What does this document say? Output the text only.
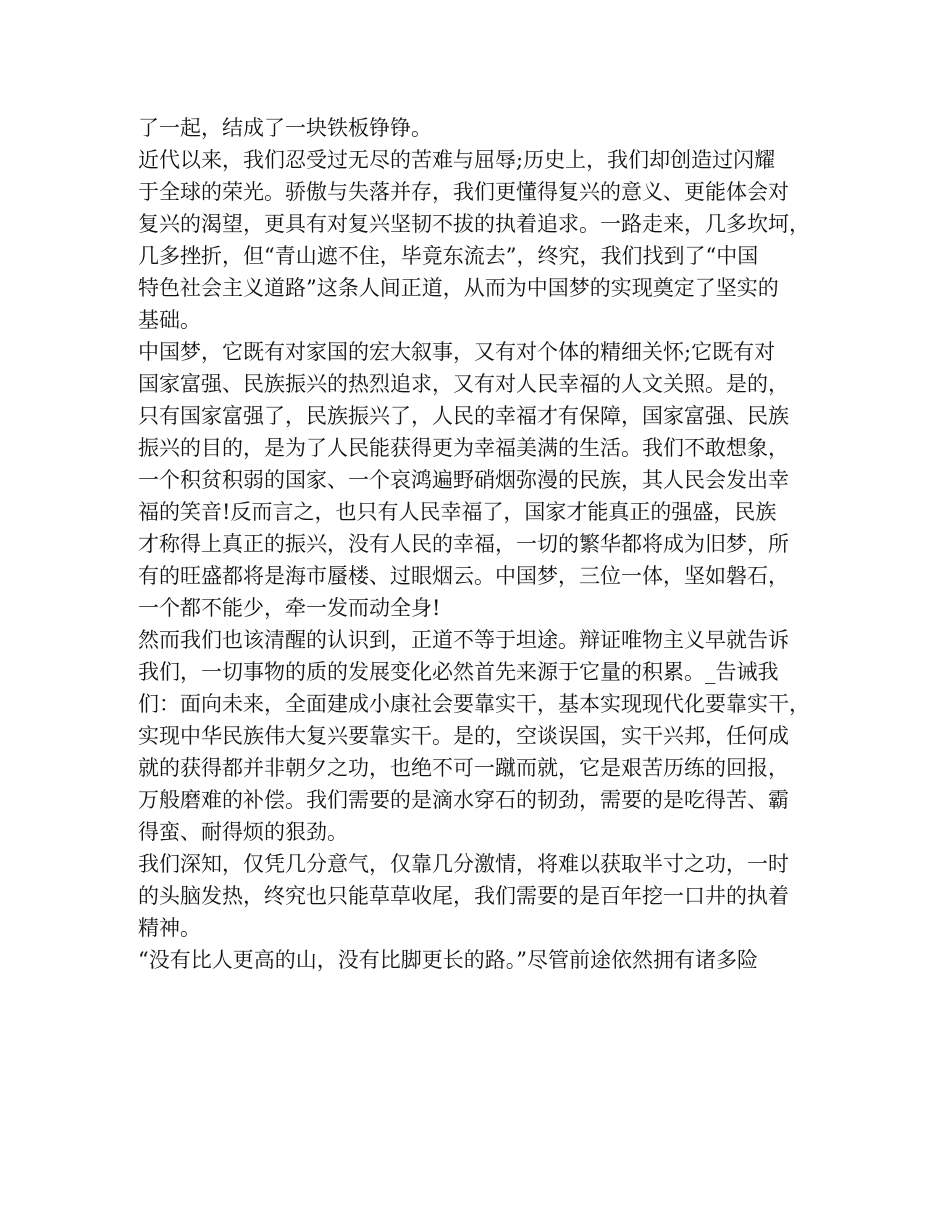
了一起，结成了一块铁板铮铮。
近代以来，我们忍受过无尽的苦难与屈辱;历史上，我们却创造过闪耀
于全球的荣光。骄傲与失落并存，我们更懂得复兴的意义、更能体会对
复兴的渴望，更具有对复兴坚韧不拔的执着追求。一路走来，几多坎坷，
几多挫折，但“青山遮不住，毕竟东流去”，终究，我们找到了“中国
特色社会主义道路”这条人间正道，从而为中国梦的实现奠定了坚实的
基础。
中国梦，它既有对家国的宏大叙事，又有对个体的精细关怀;它既有对
国家富强、民族振兴的热烈追求，又有对人民幸福的人文关照。是的，
只有国家富强了，民族振兴了，人民的幸福才有保障，国家富强、民族
振兴的目的，是为了人民能获得更为幸福美满的生活。我们不敢想象，
一个积贫积弱的国家、一个哀鸿遍野硝烟弥漫的民族，其人民会发出幸
福的笑音!反而言之，也只有人民幸福了，国家才能真正的强盛，民族
才称得上真正的振兴，没有人民的幸福，一切的繁华都将成为旧梦，所
有的旺盛都将是海市蜃楼、过眼烟云。中国梦，三位一体，坚如磐石，
一个都不能少，牵一发而动全身!
然而我们也该清醒的认识到，正道不等于坦途。辩证唯物主义早就告诉
我们，一切事物的质的发展变化必然首先来源于它量的积累。_告诫我
们：面向未来，全面建成小康社会要靠实干，基本实现现代化要靠实干，
实现中华民族伟大复兴要靠实干。是的，空谈误国，实干兴邦，任何成
就的获得都并非朝夕之功，也绝不可一蹴而就，它是艰苦历练的回报，
万般磨难的补偿。我们需要的是滴水穿石的韧劲，需要的是吃得苦、霸
得蛮、耐得烦的狠劲。
我们深知，仅凭几分意气，仅靠几分激情，将难以获取半寸之功，一时
的头脑发热，终究也只能草草收尾，我们需要的是百年挖一口井的执着
精神。
“没有比人更高的山，没有比脚更长的路。”尽管前途依然拥有诸多险
